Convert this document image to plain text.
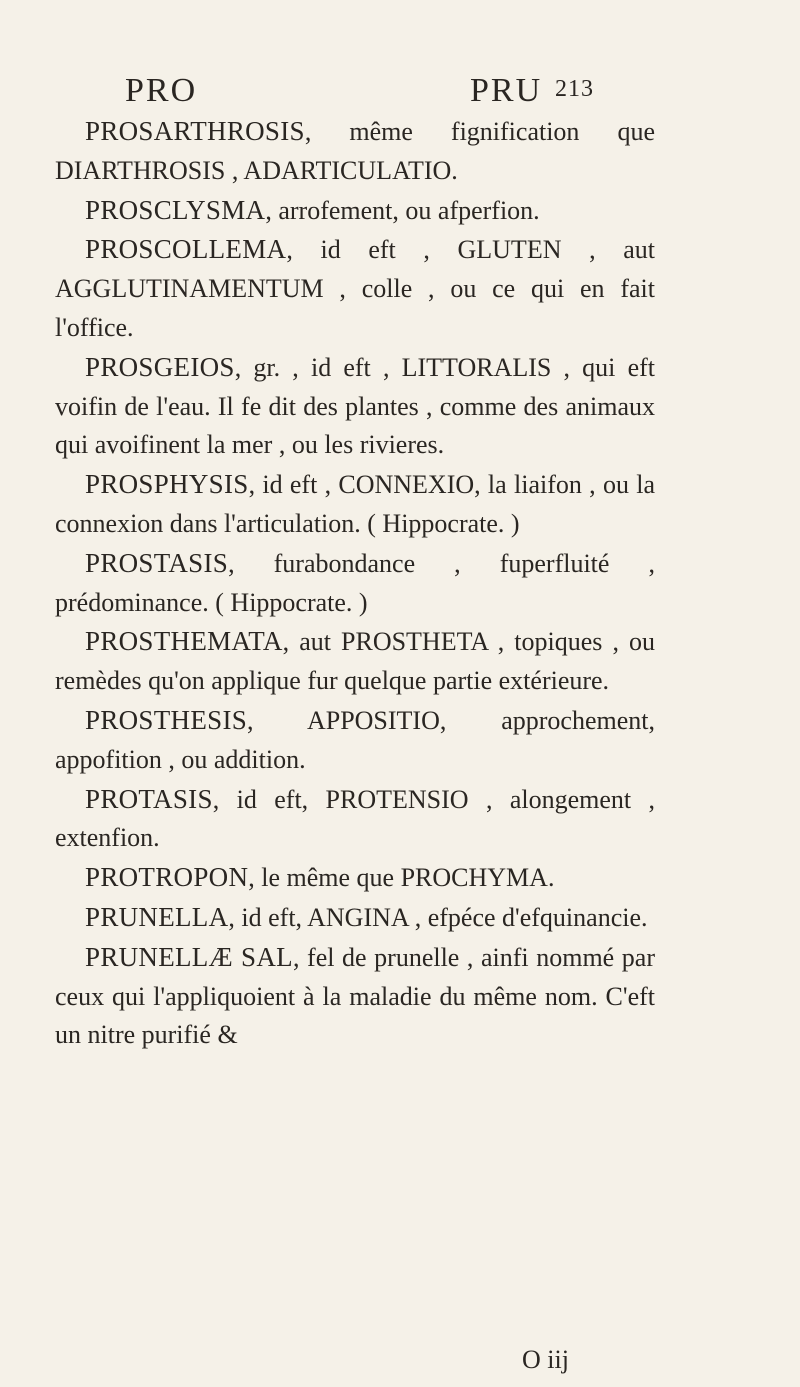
PRO	PRU 213

PROSARTHROSIS, même fignification que DIARTHROSIS , ADARTICULATIO.

PROSCLYSMA, arrofement, ou afperfion.

PROSCOLLEMA, id eft , GLUTEN , aut AGGLUTINAMENTUM , colle , ou ce qui en fait l'office.

PROSGEIOS, gr. , id eft , LITTORALIS , qui eft voifin de l'eau. Il fe dit des plantes , comme des animaux qui avoifinent la mer , ou les rivieres.

PROSPHYSIS, id eft , CONNEXIO, la liaifon , ou la connexion dans l'articulation. ( Hippocrate. )

PROSTASIS, furabondance , fuperfluité , prédominance. ( Hippocrate. )

PROSTHEMATA, aut PROSTHETA , topiques , ou remèdes qu'on applique fur quelque partie extérieure.

PROSTHESIS, APPOSITIO, approchement, appofition , ou addition.

PROTASIS, id eft, PROTENSIO , alongement , extenfion.

PROTROPON, le même que PROCHYMA.

PRUNELLA, id eft, ANGINA , efpéce d'efquinancie.

PRUNELLÆ SAL, fel de prunelle , ainfi nommé par ceux qui l'appliquoient à la maladie du même nom. C'eft un nitre purifié &

O iij
